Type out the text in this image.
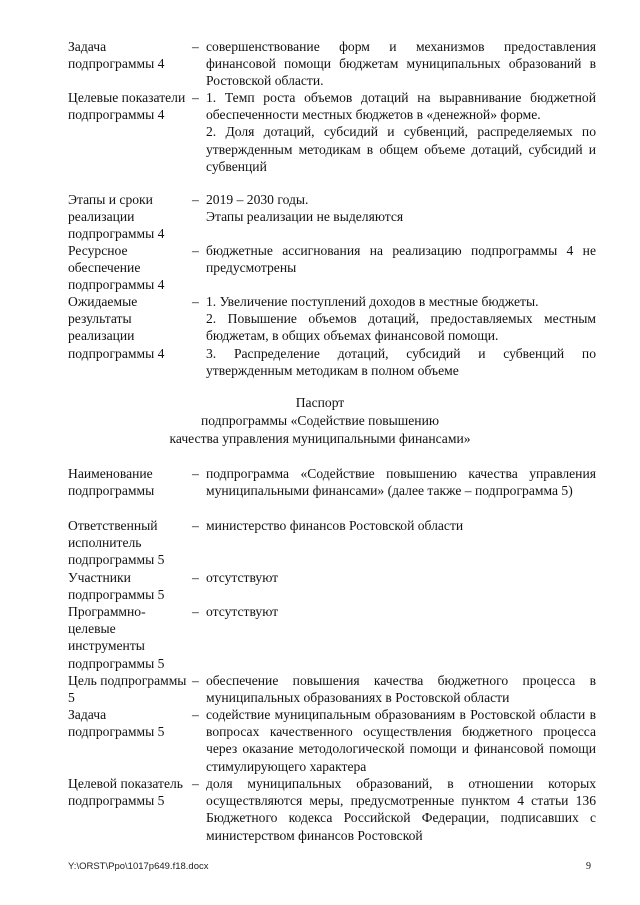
Задача подпрограммы 4
– совершенствование форм и механизмов предоставления финансовой помощи бюджетам муниципальных образований в Ростовской области.

Целевые показатели подпрограммы 4
– 1. Темп роста объемов дотаций на выравнивание бюджетной обеспеченности местных бюджетов в «денежной» форме.

2. Доля дотаций, субсидий и субвенций, распределяемых по утвержденным методикам в общем объеме дотаций, субсидий и субвенций

Этапы и сроки реализации подпрограммы 4
– 2019 – 2030 годы.

Этапы реализации не выделяются

Ресурсное обеспечение подпрограммы 4
– бюджетные ассигнования на реализацию подпрограммы 4 не предусмотрены

Ожидаемые результаты реализации подпрограммы 4
– 1. Увеличение поступлений доходов в местные бюджеты.

2. Повышение объемов дотаций, предоставляемых местным бюджетам, в общих объемах финансовой помощи.

3. Распределение дотаций, субсидий и субвенций по утвержденным методикам в полном объеме

Паспорт
подпрограммы «Содействие повышению
качества управления муниципальными финансами»
Наименование подпрограммы
– подпрограмма «Содействие повышению качества управления муниципальными финансами» (далее также – подпрограмма 5)

Ответственный исполнитель подпрограммы 5
– министерство финансов Ростовской области

Участники подпрограммы 5
– отсутствуют

Программно-целевые инструменты подпрограммы 5
– отсутствуют

Цель подпрограммы 5
– обеспечение повышения качества бюджетного процесса в муниципальных образованиях в Ростовской области

Задача подпрограммы 5
– содействие муниципальным образованиям в Ростовской области в вопросах качественного осуществления бюджетного процесса через оказание методологической помощи и финансовой помощи стимулирующего характера

Целевой показатель подпрограммы 5
– доля муниципальных образований, в отношении которых осуществляются меры, предусмотренные пунктом 4 статьи 136 Бюджетного кодекса Российской Федерации, подписавших с министерством финансов Ростовской

Y:\ORST\Ppo\1017p649.f18.docx	9
